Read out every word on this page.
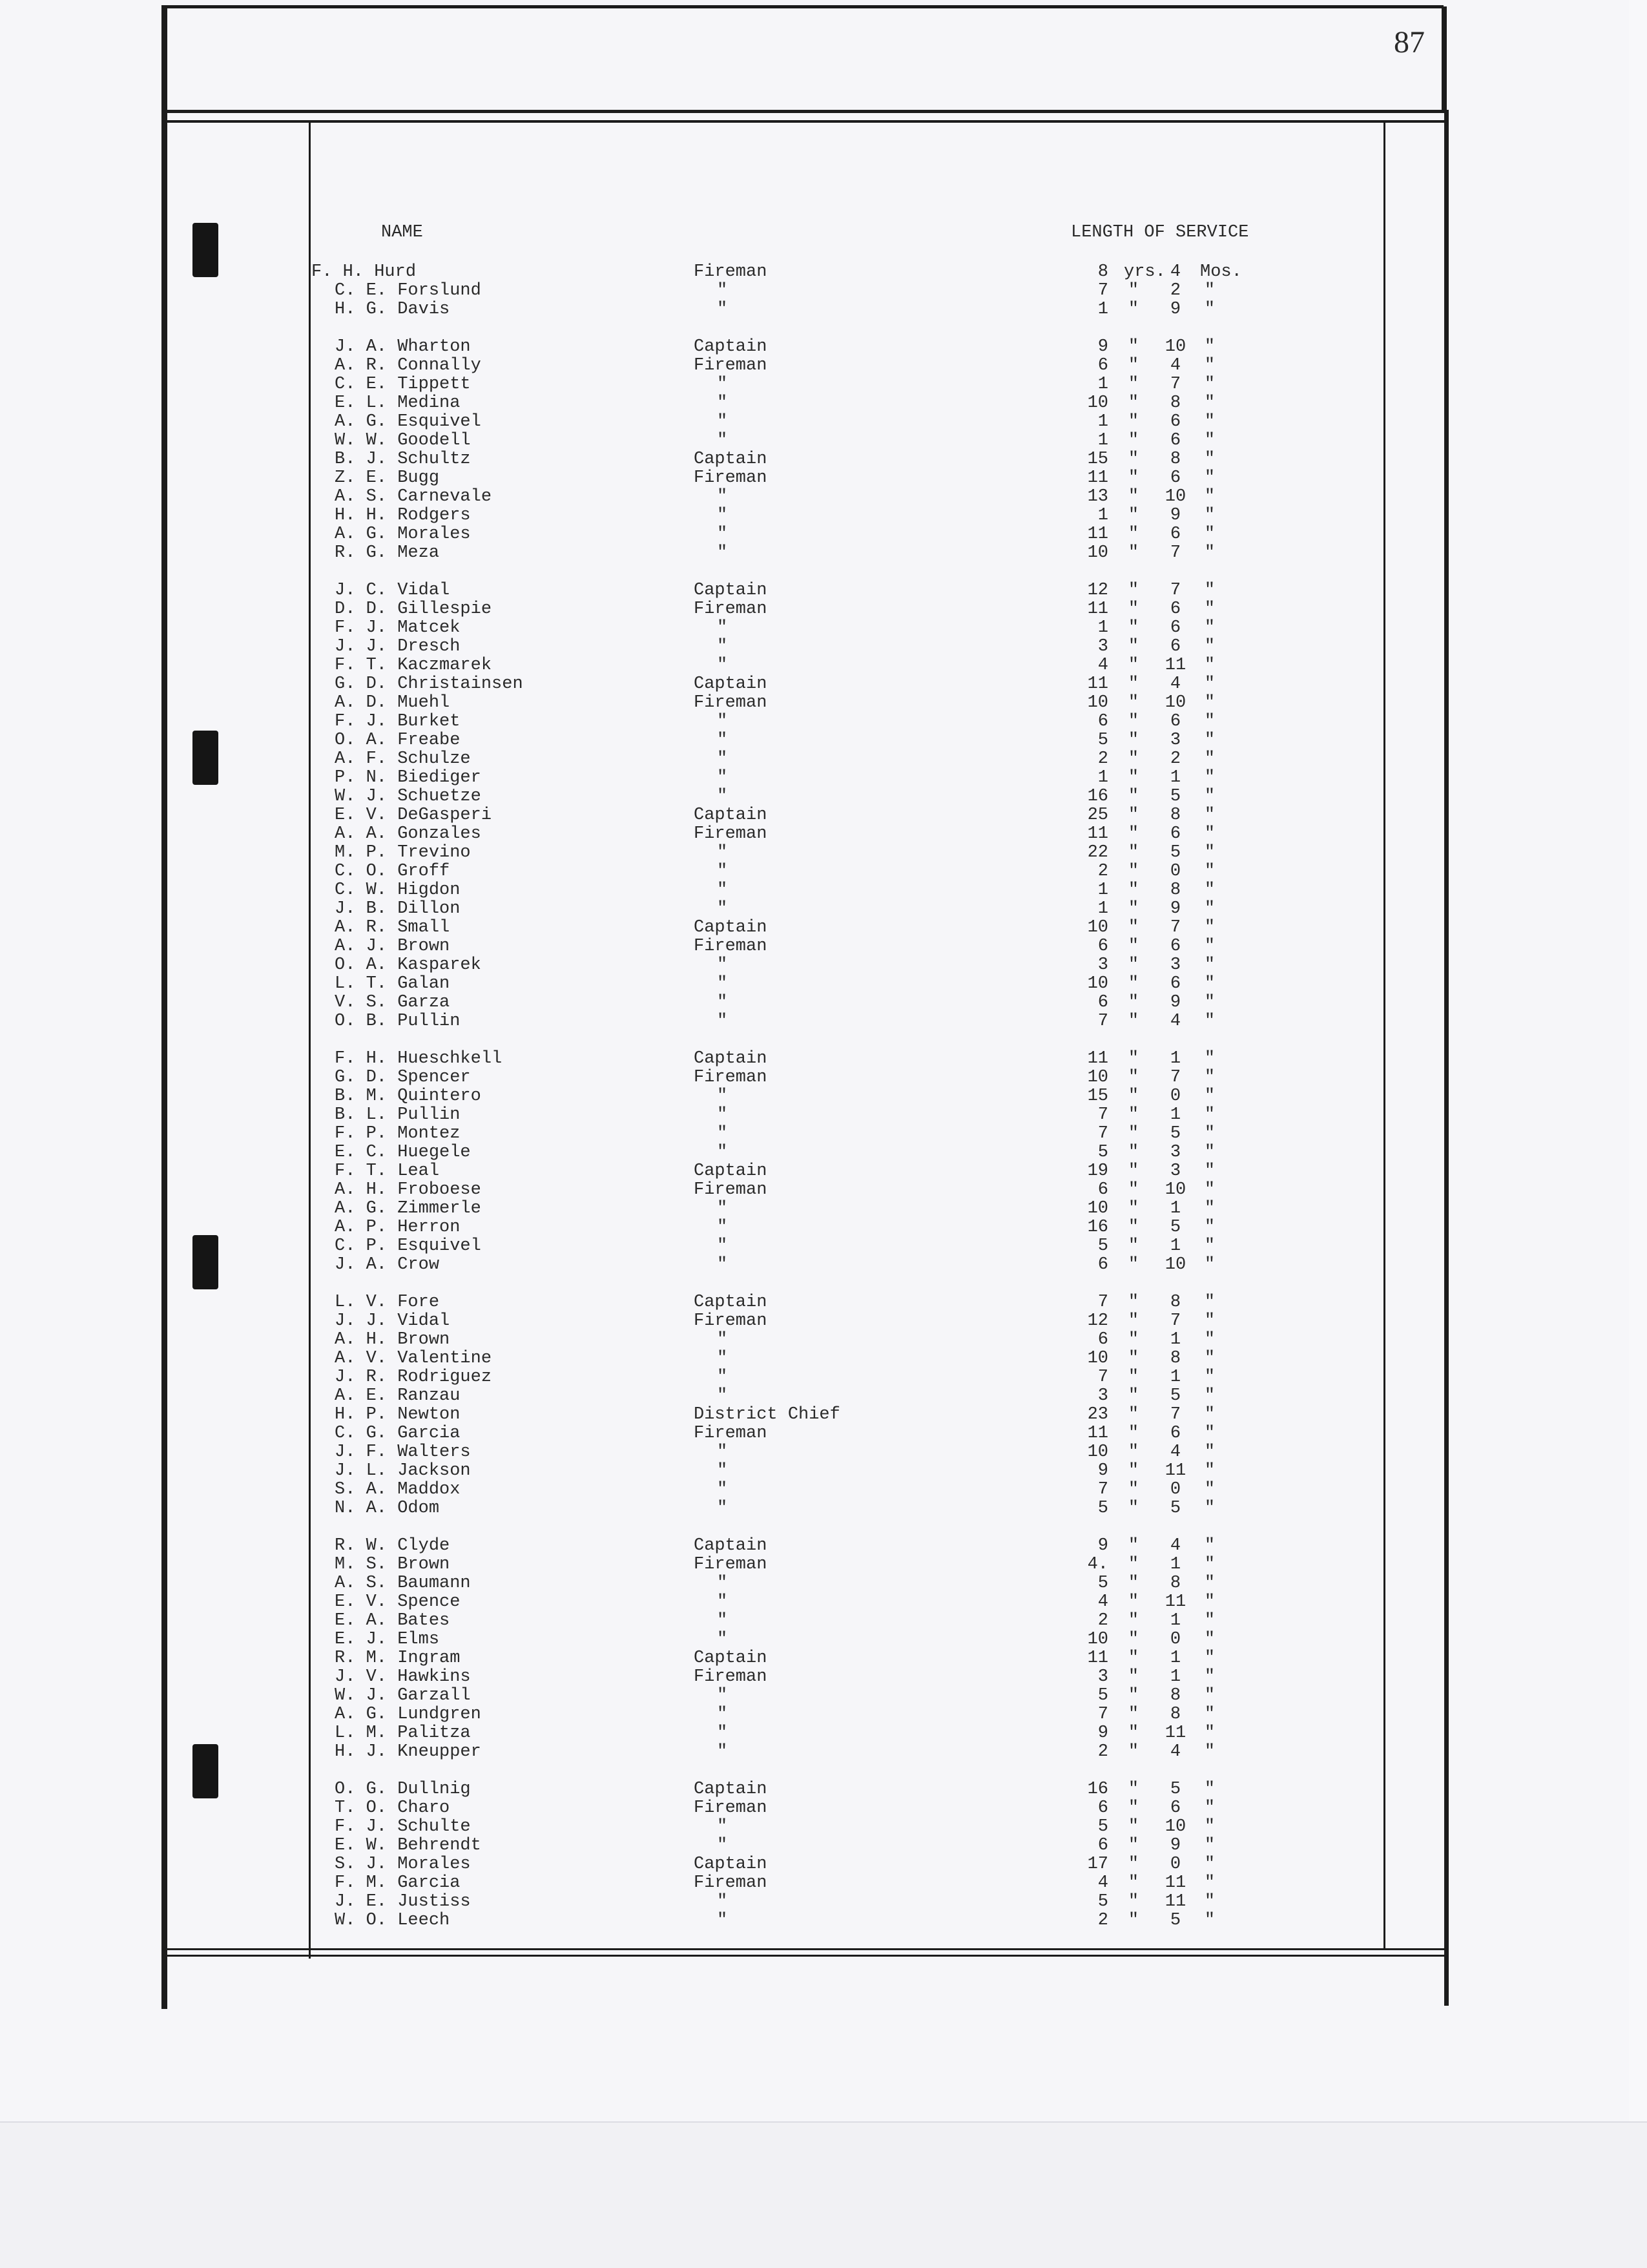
87
NAME	LENGTH OF SERVICE
F. H. Hurd	Fireman	8 yrs. 4	Mos.
C. E. Forslund	"	7 "	2	"
H. G. Davis	"	1 "	9	"
J. A. Wharton	Captain	9 "	10	"
A. R. Connally	Fireman	6 "	4	"
C. E. Tippett	"	1 "	7	"
E. L. Medina	"	10 "	8	"
A. G. Esquivel	"	1 "	6	"
W. W. Goodell	"	1 "	6	"
B. J. Schultz	Captain	15 "	8	"
Z. E. Bugg	Fireman	11 "	6	"
A. S. Carnevale	"	13 "	10	"
H. H. Rodgers	"	1 "	9	"
A. G. Morales	"	11 "	6	"
R. G. Meza	"	10 "	7	"
J. C. Vidal	Captain	12 "	7	"
D. D. Gillespie	Fireman	11 "	6	"
F. J. Matcek	"	1 "	6	"
J. J. Dresch	"	3 "	6	"
F. T. Kaczmarek	"	4 "	11	"
G. D. Christainsen	Captain	11 "	4	"
A. D. Muehl	Fireman	10 "	10	"
F. J. Burket	"	6 "	6	"
O. A. Freabe	"	5 "	3	"
A. F. Schulze	"	2 "	2	"
P. N. Biediger	"	1 "	1	"
W. J. Schuetze	"	16 "	5	"
E. V. DeGasperi	Captain	25 "	8	"
A. A. Gonzales	Fireman	11 "	6	"
M. P. Trevino	"	22 "	5	"
C. O. Groff	"	2 "	0	"
C. W. Higdon	"	1 "	8	"
J. B. Dillon	"	1 "	9	"
A. R. Small	Captain	10 "	7	"
A. J. Brown	Fireman	6 "	6	"
O. A. Kasparek	"	3 "	3	"
L. T. Galan	"	10 "	6	"
V. S. Garza	"	6 "	9	"
O. B. Pullin	"	7 "	4	"
F. H. Hueschkell	Captain	11 "	1	"
G. D. Spencer	Fireman	10 "	7	"
B. M. Quintero	"	15 "	0	"
B. L. Pullin	"	7 "	1	"
F. P. Montez	"	7 "	5	"
E. C. Huegele	"	5 "	3	"
F. T. Leal	Captain	19 "	3	"
A. H. Froboese	Fireman	6 "	10	"
A. G. Zimmerle	"	10 "	1	"
A. P. Herron	"	16 "	5	"
C. P. Esquivel	"	5 "	1	"
J. A. Crow	"	6 "	10	"
L. V. Fore	Captain	7 "	8	"
J. J. Vidal	Fireman	12 "	7	"
A. H. Brown	"	6 "	1	"
A. V. Valentine	"	10 "	8	"
J. R. Rodriguez	"	7 "	1	"
A. E. Ranzau	"	3 "	5	"
H. P. Newton	District Chief	23 "	7	"
C. G. Garcia	Fireman	11 "	6	"
J. F. Walters	"	10 "	4	"
J. L. Jackson	"	9 "	11	"
S. A. Maddox	"	7 "	0	"
N. A. Odom	"	5 "	5	"
R. W. Clyde	Captain	9 "	4	"
M. S. Brown	Fireman	4. "	1	"
A. S. Baumann	"	5 "	8	"
E. V. Spence	"	4 "	11	"
E. A. Bates	"	2 "	1	"
E. J. Elms	"	10 "	0	"
R. M. Ingram	Captain	11 "	1	"
J. V. Hawkins	Fireman	3 "	1	"
W. J. Garzall	"	5 "	8	"
A. G. Lundgren	"	7 "	8	"
L. M. Palitza	"	9 "	11	"
H. J. Kneupper	"	2 "	4	"
O. G. Dullnig	Captain	16 "	5	"
T. O. Charo	Fireman	6 "	6	"
F. J. Schulte	"	5 "	10	"
E. W. Behrendt	"	6 "	9	"
S. J. Morales	Captain	17 "	0	"
F. M. Garcia	Fireman	4 "	11	"
J. E. Justiss	"	5 "	11	"
W. O. Leech	"	2 "	5	"
